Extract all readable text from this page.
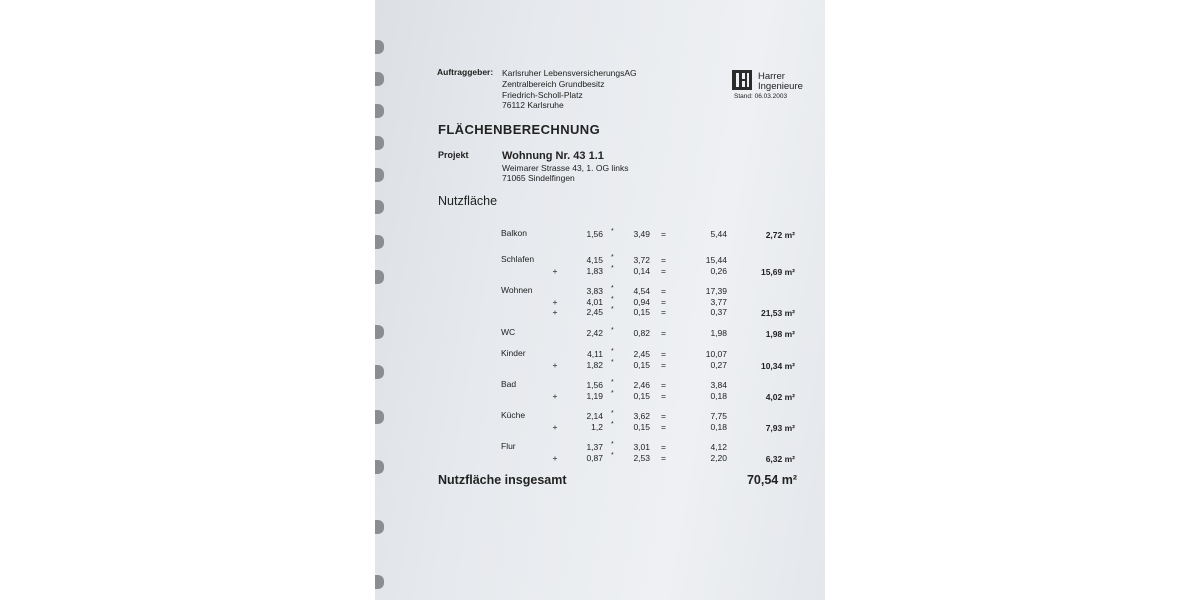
Auftraggeber: Karlsruher LebensversicherungsAG
Zentralbereich Grundbesitz
Friedrich-Scholl-Platz
76112 Karlsruhe
Harrer
Ingenieure
Stand: 06.03.2003
FLÄCHENBERECHNUNG
Projekt	Wohnung Nr. 43 1.1
Weimarer Strasse 43, 1. OG links
71065 Sindelfingen
Nutzfläche
Balkon	1,56 * 3,49 =	5,44	2,72 m²
Schlafen	4,15 * 3,72 =	15,44
+	1,83 * 0,14 =	0,26	15,69 m²
Wohnen	3,83 * 4,54 =	17,39
+	4,01 * 0,94 =	3,77
+	2,45 * 0,15 =	0,37	21,53 m²
WC	2,42 * 0,82 =	1,98	1,98 m²
Kinder	4,11 * 2,45 =	10,07
+	1,82 * 0,15 =	0,27	10,34 m²
Bad	1,56 * 2,46 =	3,84
+	1,19 * 0,15 =	0,18	4,02 m²
Küche	2,14 * 3,62 =	7,75
+	1,2 * 0,15 =	0,18	7,93 m²
Flur	1,37 * 3,01 =	4,12
+	0,87 * 2,53 =	2,20	6,32 m²
Nutzfläche insgesamt	70,54 m²
